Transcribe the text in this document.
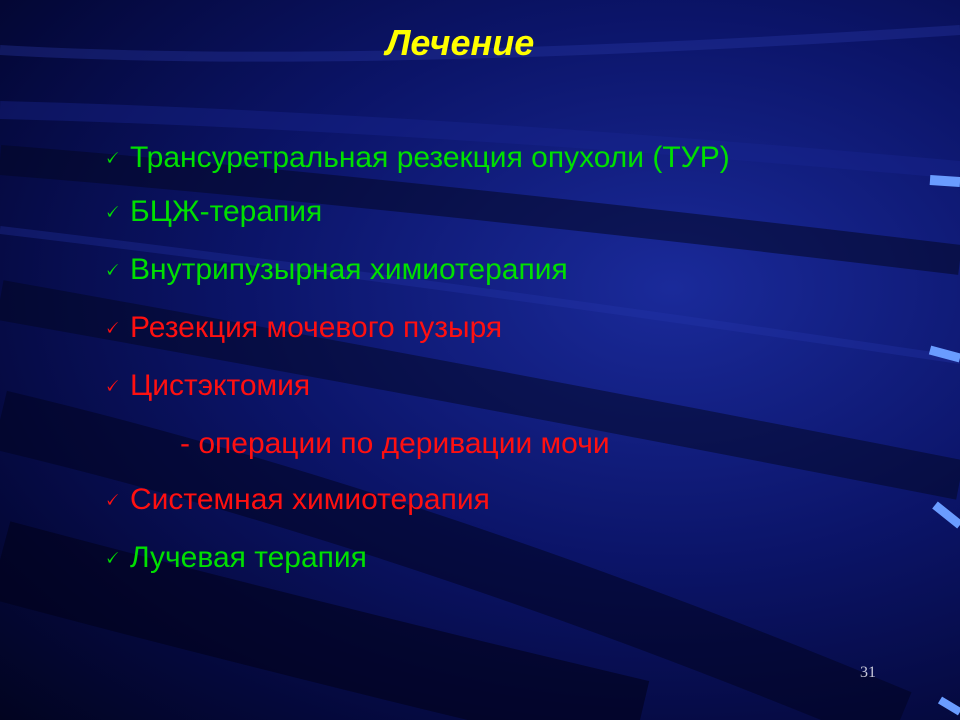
Лечение
🗸 Трансуретральная резекция опухоли (ТУР)
🗸БЦЖ-терапия
🗸 Внутрипузырная химиотерапия
🗸Резекция мочевого пузыря
🗸Цистэктомия
- операции по деривации мочи
🗸 Системная химиотерапия
🗸Лучевая терапия
31
